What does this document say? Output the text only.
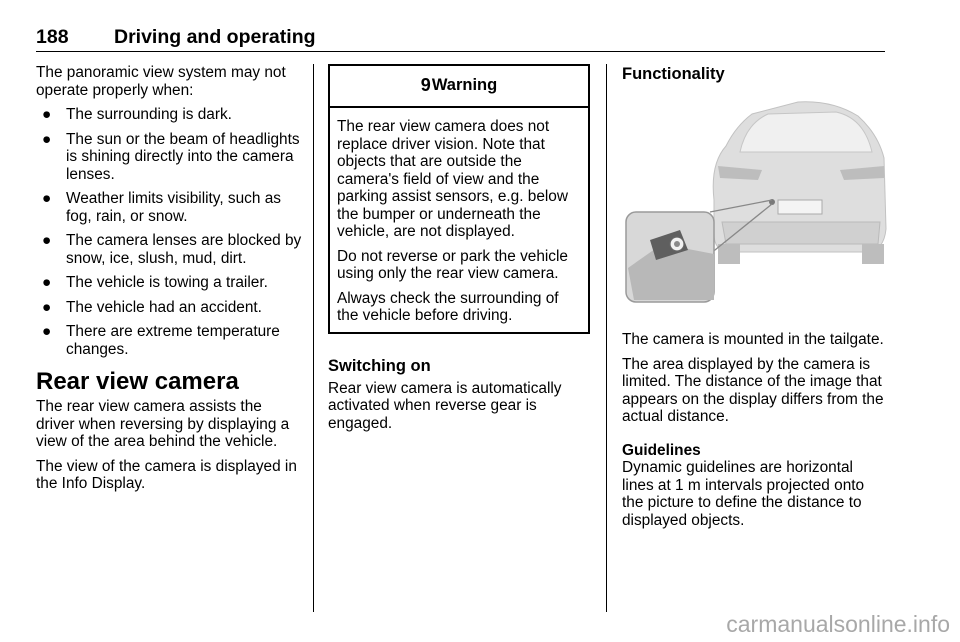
188 Driving and operating

The panoramic view system may not operate properly when:

● The surrounding is dark.
● The sun or the beam of headlights is shining directly into the camera lenses.
● Weather limits visibility, such as fog, rain, or snow.
● The camera lenses are blocked by snow, ice, slush, mud, dirt.
● The vehicle is towing a trailer.
● The vehicle had an accident.
● There are extreme temperature changes.
Rear view camera

The rear view camera assists the driver when reversing by displaying a view of the area behind the vehicle.

The view of the camera is displayed in the Info Display.

9 Warning

The rear view camera does not replace driver vision. Note that objects that are outside the camera's field of view and the parking assist sensors, e.g. below the bumper or underneath the vehicle, are not displayed.

Do not reverse or park the vehicle using only the rear view camera.

Always check the surrounding of the vehicle before driving.

Switching on

Rear view camera is automatically activated when reverse gear is engaged.

Functionality

The camera is mounted in the tailgate.

The area displayed by the camera is limited. The distance of the image that appears on the display differs from the actual distance.

Guidelines

Dynamic guidelines are horizontal lines at 1 m intervals projected onto the picture to define the distance to displayed objects.

carmanualsonline.info
